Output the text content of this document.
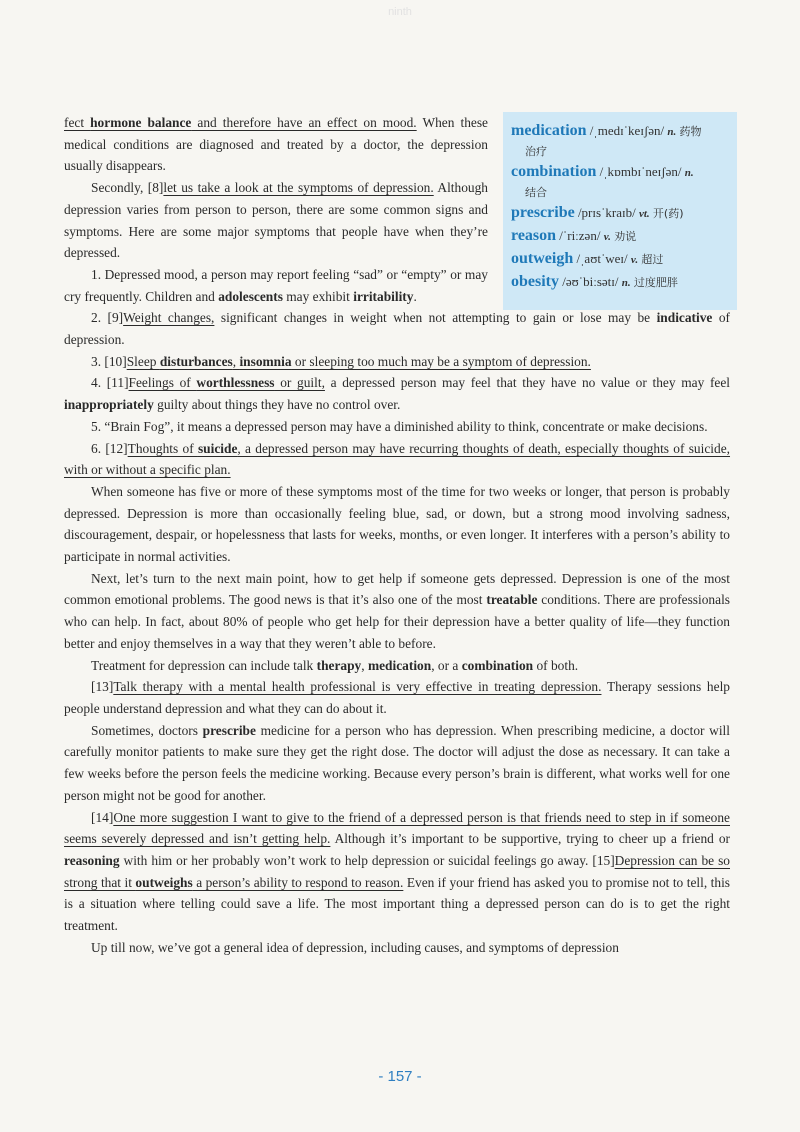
ninth
medication /ˌmedɪˈkeɪʃən/ n. 药物
治疗
combination /ˌkɒmbɪˈneɪʃən/ n.
结合
prescribe /prɪsˈkraɪb/ vt. 开(药)
reason /ˈriːzən/ v. 劝说
outweigh /ˌaʊtˈweɪ/ v. 超过
obesity /əʊˈbiːsətɪ/ n. 过度肥胖

fect hormone balance and therefore have an effect on mood. When these medical conditions are diagnosed and treated by a doctor, the depression usually disappears.

Secondly, [8]let us take a look at the symptoms of depression. Although depression varies from person to person, there are some common signs and symptoms. Here are some major symptoms that people have when they’re depressed.

1. Depressed mood, a person may report feeling “sad” or “empty” or may cry frequently. Children and adolescents may exhibit irritability.

2. [9]Weight changes, significant changes in weight when not attempting to gain or lose may be indicative of depression.

3. [10]Sleep disturbances, insomnia or sleeping too much may be a symptom of depression.

4. [11]Feelings of worthlessness or guilt, a depressed person may feel that they have no value or they may feel inappropriately guilty about things they have no control over.

5. “Brain Fog”, it means a depressed person may have a diminished ability to think, concentrate or make decisions.

6. [12]Thoughts of suicide, a depressed person may have recurring thoughts of death, especially thoughts of suicide, with or without a specific plan.

When someone has five or more of these symptoms most of the time for two weeks or longer, that person is probably depressed. Depression is more than occasionally feeling blue, sad, or down, but a strong mood involving sadness, discouragement, despair, or hopelessness that lasts for weeks, months, or even longer. It interferes with a person’s ability to participate in normal activities.

Next, let’s turn to the next main point, how to get help if someone gets depressed. Depression is one of the most common emotional problems. The good news is that it’s also one of the most treatable conditions. There are professionals who can help. In fact, about 80% of people who get help for their depression have a better quality of life—they function better and enjoy themselves in a way that they weren’t able to before.

Treatment for depression can include talk therapy, medication, or a combination of both.

[13]Talk therapy with a mental health professional is very effective in treating depression. Therapy sessions help people understand depression and what they can do about it.

Sometimes, doctors prescribe medicine for a person who has depression. When prescribing medicine, a doctor will carefully monitor patients to make sure they get the right dose. The doctor will adjust the dose as necessary. It can take a few weeks before the person feels the medicine working. Because every person’s brain is different, what works well for one person might not be good for another.

[14]One more suggestion I want to give to the friend of a depressed person is that friends need to step in if someone seems severely depressed and isn’t getting help. Although it’s important to be supportive, trying to cheer up a friend or reasoning with him or her probably won’t work to help depression or suicidal feelings go away. [15]Depression can be so strong that it outweighs a person’s ability to respond to reason. Even if your friend has asked you to promise not to tell, this is a situation where telling could save a life. The most important thing a depressed person can do is to get the right treatment.

Up till now, we’ve got a general idea of depression, including causes, and symptoms of depression

- 157 -
